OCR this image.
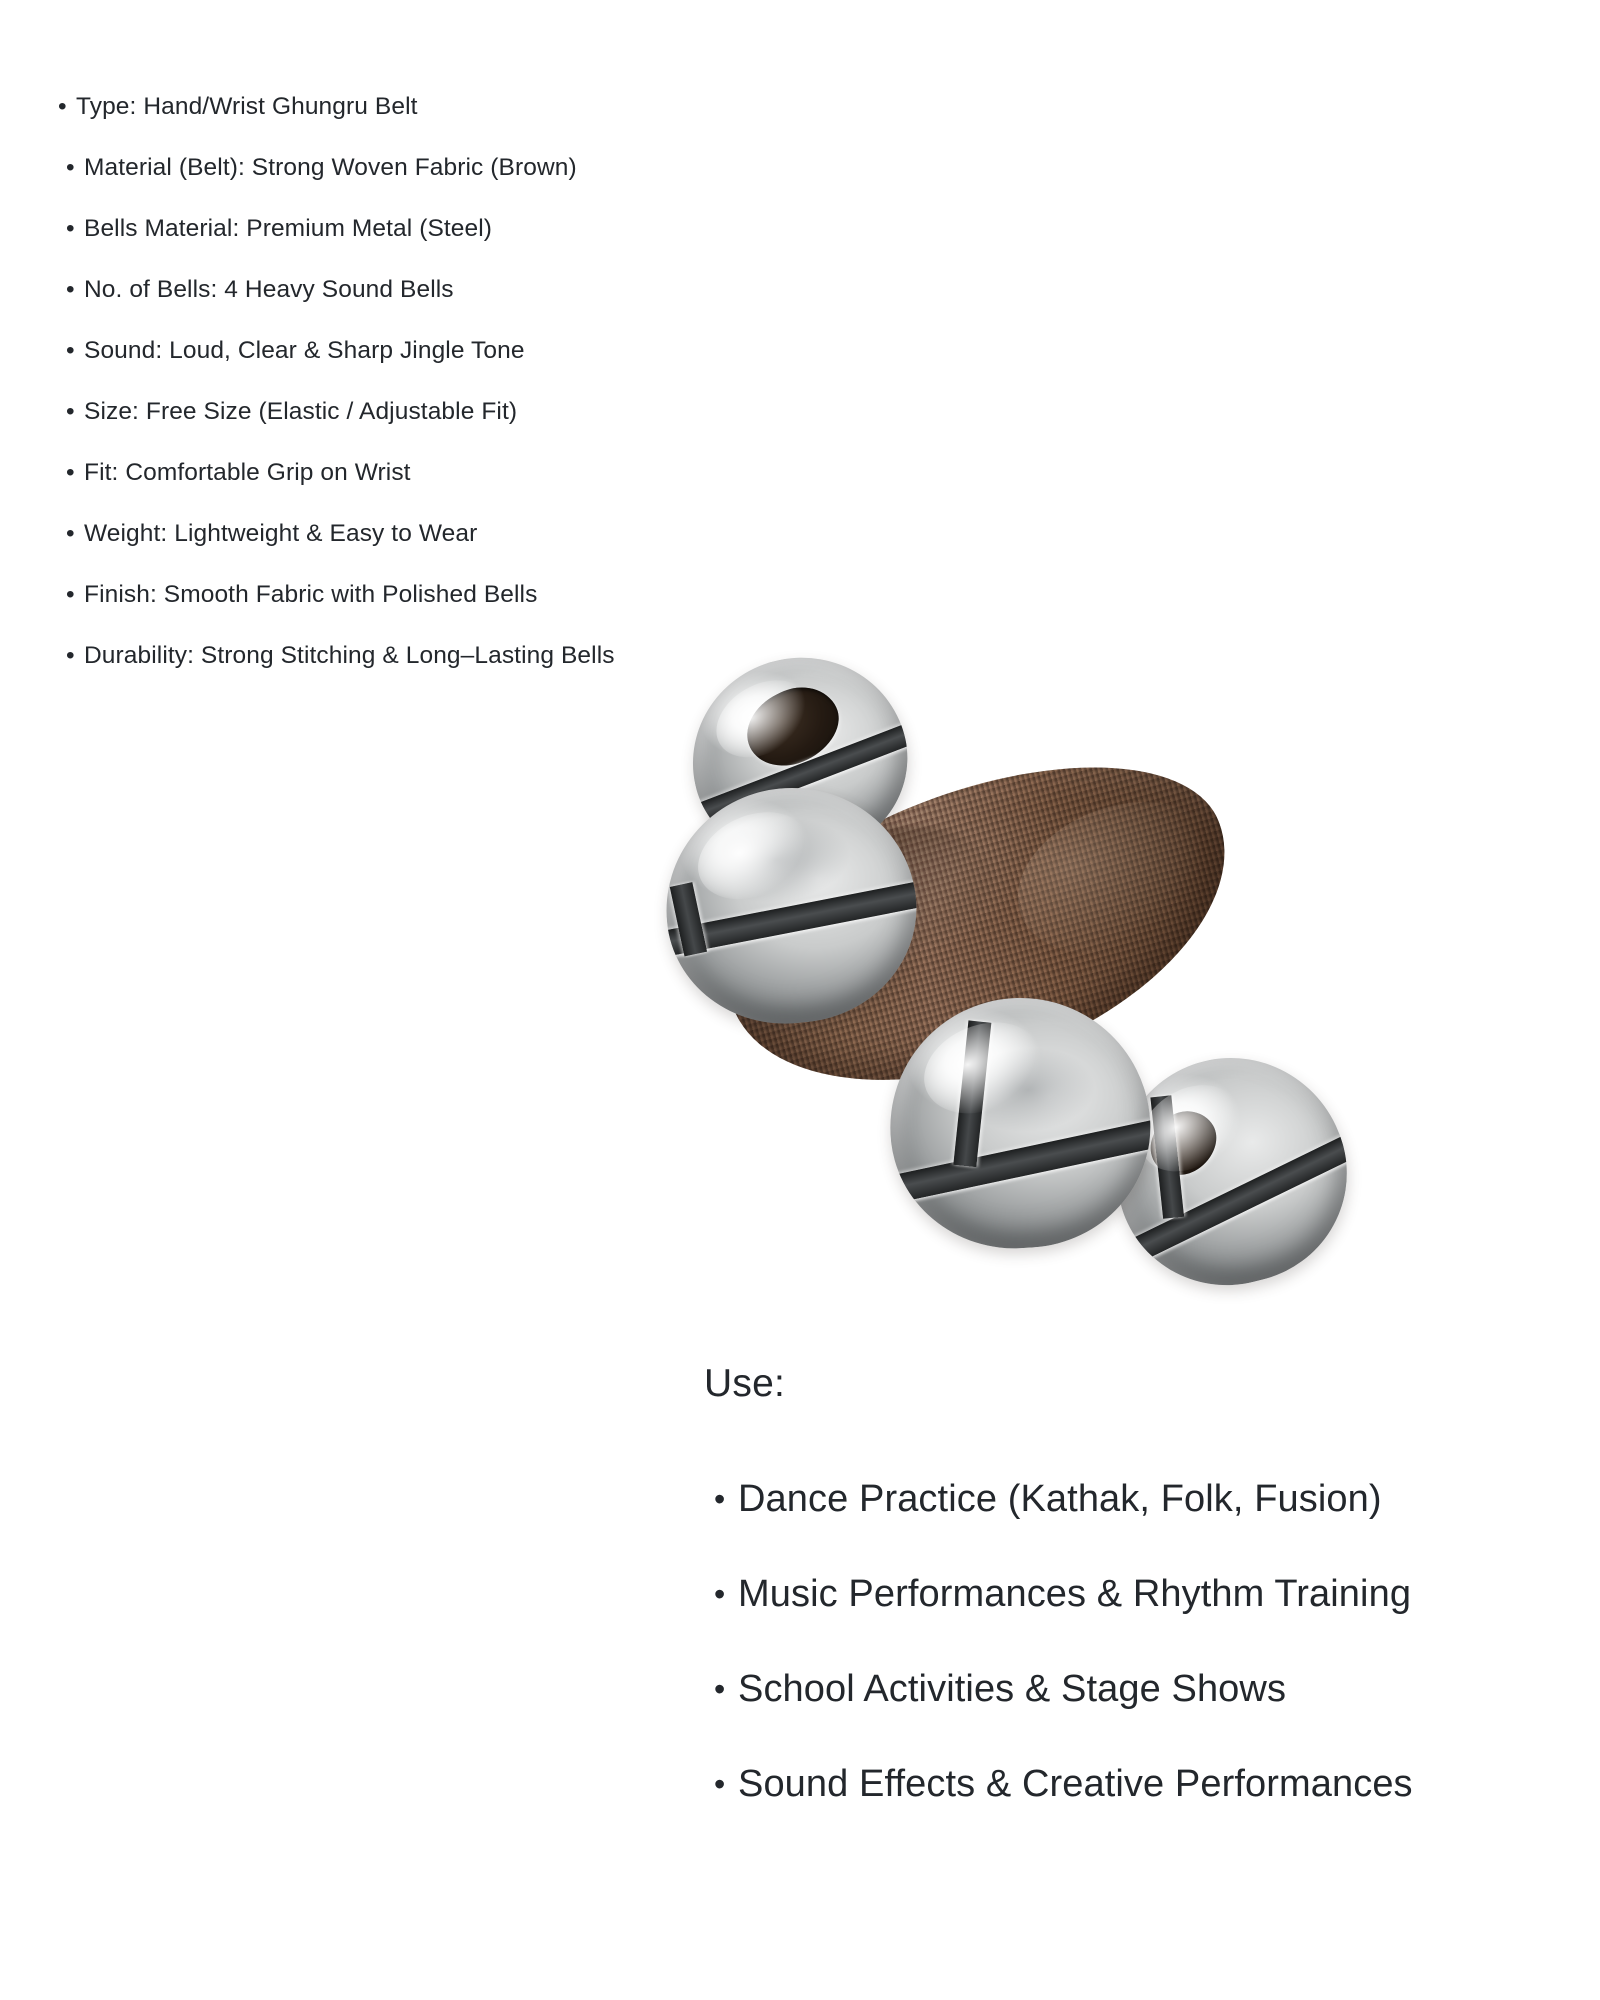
• Type: Hand/Wrist Ghungru Belt
• Material (Belt): Strong Woven Fabric (Brown)
• Bells Material: Premium Metal (Steel)
• No. of Bells: 4 Heavy Sound Bells
• Sound: Loud, Clear & Sharp Jingle Tone
• Size: Free Size (Elastic / Adjustable Fit)
• Fit: Comfortable Grip on Wrist
• Weight: Lightweight & Easy to Wear
• Finish: Smooth Fabric with Polished Bells
• Durability: Strong Stitching & Long–Lasting Bells
Use:
• Dance Practice (Kathak, Folk, Fusion)
• Music Performances & Rhythm Training
• School Activities & Stage Shows
• Sound Effects & Creative Performances
